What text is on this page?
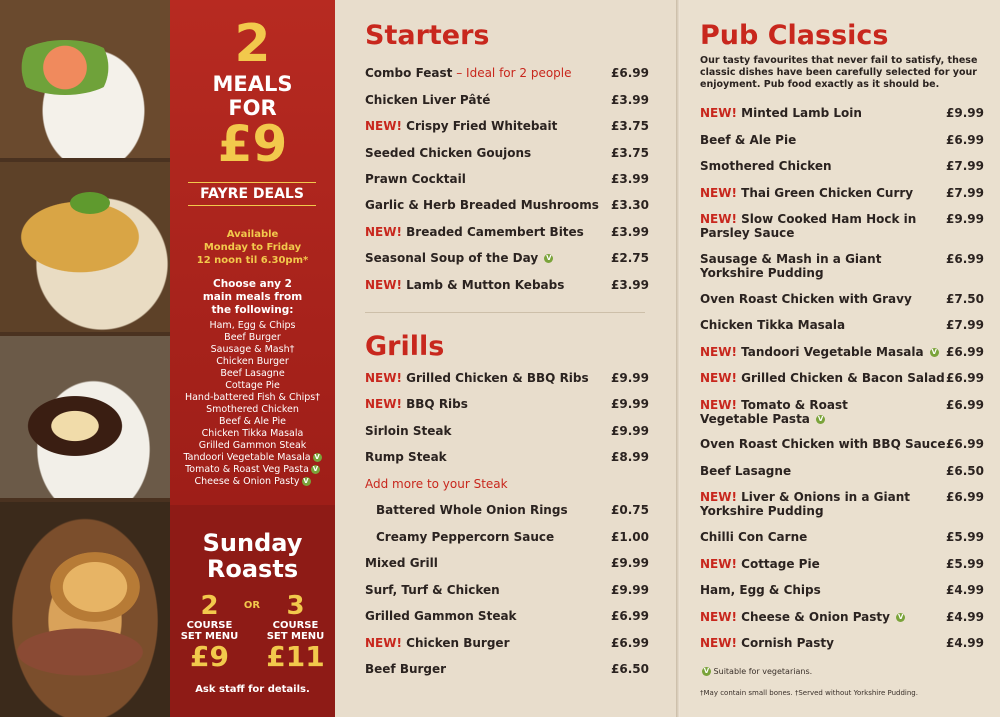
2
MEALS
FOR
£9
FAYRE DEALS
Available
Monday to Friday
12 noon til 6.30pm*
Choose any 2
main meals from
the following:
Ham, Egg & Chips
Beef Burger
Sausage & Mash†
Chicken Burger
Beef Lasagne
Cottage Pie
Hand-battered Fish & Chips†
Smothered Chicken
Beef & Ale Pie
Chicken Tikka Masala
Grilled Gammon Steak
Tandoori Vegetable Masala V
Tomato & Roast Veg Pasta V
Cheese & Onion Pasty V
Sunday
Roasts
2
COURSE
SET MENU
£9
OR	3
COURSE
SET MENU
£11
Ask staff for details.
Starters
Combo Feast – Ideal for 2 people	£6.99
Chicken Liver Pâté	£3.99
NEW! Crispy Fried Whitebait	£3.75
Seeded Chicken Goujons	£3.75
Prawn Cocktail	£3.99
Garlic & Herb Breaded Mushrooms	£3.30
NEW! Breaded Camembert Bites	£3.99
Seasonal Soup of the Day V	£2.75
NEW! Lamb & Mutton Kebabs	£3.99
Grills
NEW! Grilled Chicken & BBQ Ribs	£9.99
NEW! BBQ Ribs	£9.99
Sirloin Steak	£9.99
Rump Steak	£8.99
Add more to your Steak
Battered Whole Onion Rings	£0.75
Creamy Peppercorn Sauce	£1.00
Mixed Grill	£9.99
Surf, Turf & Chicken	£9.99
Grilled Gammon Steak	£6.99
NEW! Chicken Burger	£6.99
Beef Burger	£6.50
Pub Classics
Our tasty favourites that never fail to satisfy, these classic dishes have been carefully selected for your enjoyment. Pub food exactly as it should be.
NEW! Minted Lamb Loin	£9.99
Beef & Ale Pie	£6.99
Smothered Chicken	£7.99
NEW! Thai Green Chicken Curry	£7.99
NEW! Slow Cooked Ham Hock in
Parsley Sauce
£9.99
Sausage & Mash in a Giant
Yorkshire Pudding
£6.99
Oven Roast Chicken with Gravy	£7.50
Chicken Tikka Masala	£7.99
NEW! Tandoori Vegetable Masala V £6.99
NEW! Grilled Chicken & Bacon Salad £6.99
NEW! Tomato & Roast
Vegetable Pasta V
£6.99
Oven Roast Chicken with BBQ Sauce £6.99
Beef Lasagne	£6.50
NEW! Liver & Onions in a Giant
Yorkshire Pudding
£6.99
Chilli Con Carne	£5.99
NEW! Cottage Pie	£5.99
Ham, Egg & Chips	£4.99
NEW! Cheese & Onion Pasty V	£4.99
NEW! Cornish Pasty	£4.99
V Suitable for vegetarians.
†May contain small bones. †Served without Yorkshire Pudding.
